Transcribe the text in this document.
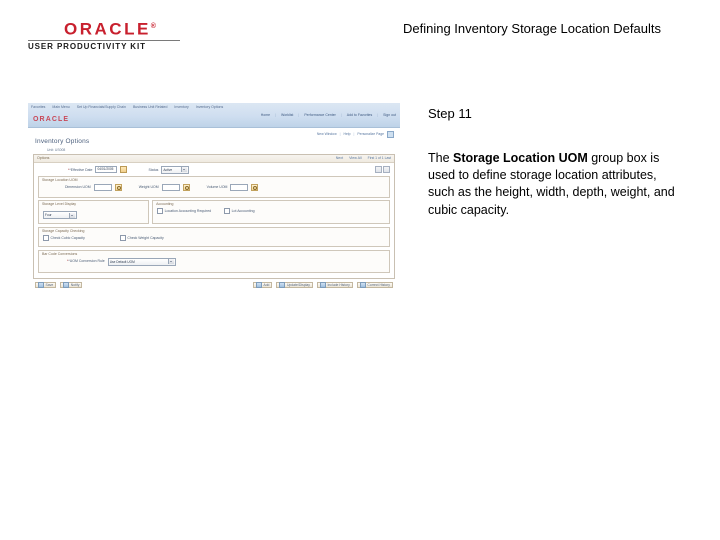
ORACLE®
USER PRODUCTIVITY KIT
Defining Inventory Storage Location Defaults
Step 11
The Storage Location UOM group box is used to define storage location attributes, such as the height, width, depth, weight, and cubic capacity.
Favorites Main Menu Set Up Financials/Supply Chain Business Unit Related Inventory Inventory Options
Home | Worklist | Performance Center | Add to Favorites | Sign out
ORACLE
New Window | Help | Personalize Page
Inventory Options
Unit: US008
Options	Next View All First 1 of 1 Last
**Effective Date	04/01/2005	Status Active
Storage Location UOM
Dimension UOM	Weight UOM	Volume UOM
Storage Level Display
Four
Accounting
Location Accounting Required
	Lot Accounting
Storage Capacity Checking
Check Cubic Capacity
	Check Weight Capacity
Bar Code Conversions
**UOM Conversion Rule Use Default UOM
Save	Notify	Add	Update/Display	Include History	Correct History
